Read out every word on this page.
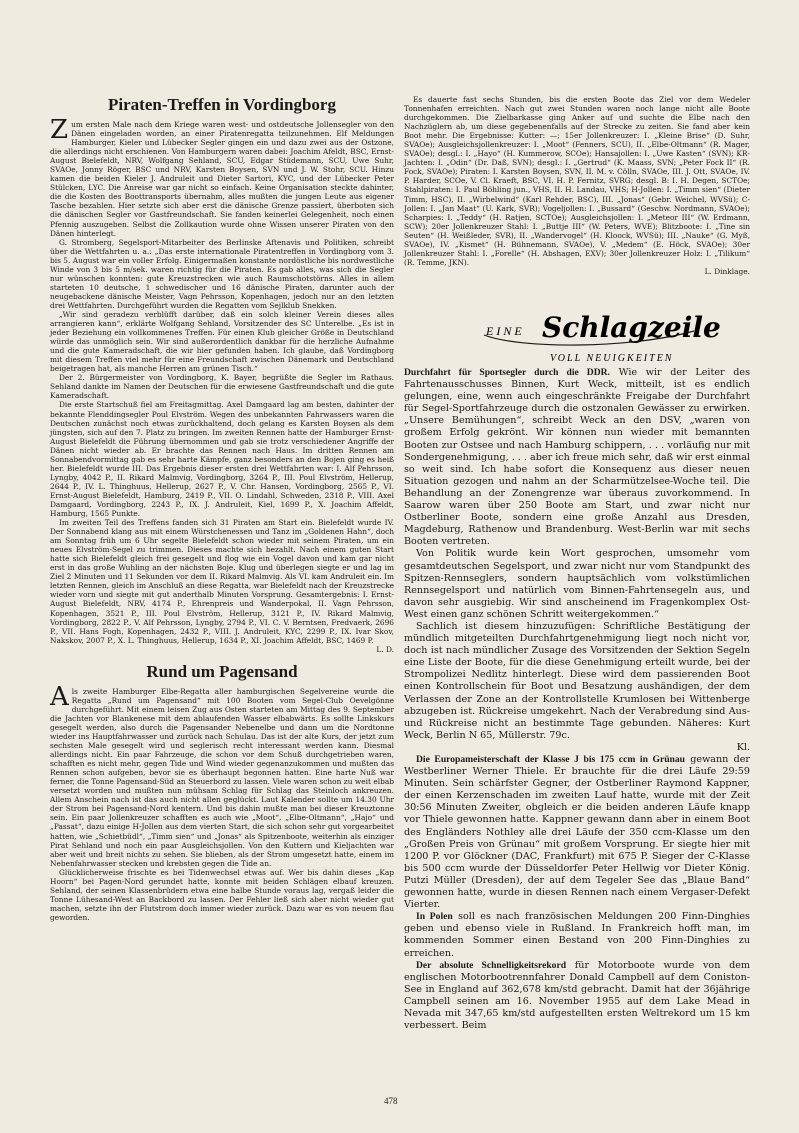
Piraten-Treffen in Vordingborg

Zum ersten Male nach dem Kriege waren west- und ostdeutsche Jollensegler von den Dänen eingeladen worden, an einer Piratenregatta teilzunehmen. Elf Meldungen Hamburger, Kieler und Lübecker Segler gingen ein und dazu zwei aus der Ostzone, die allerdings nicht erschienen. Von Hamburgern waren dabei: Joachim Afeldt, BSC, Ernst-August Bielefeldt, NRV, Wolfgang Sehland, SCU, Edgar Stüdemann, SCU, Uwe Suhr, SVAOe, Jonny Röger, BSC und NRV, Karsten Boysen, SVN und J. W. Stohr, SCU. Hinzu kamen die beiden Kieler J. Andruleit und Dieter Sartori, KYC, und der Lübecker Peter Stülcken, LYC. Die Anreise war gar nicht so einfach. Keine Organisation steckte dahinter, die die Kosten des Boottransports übernahm, alles mußten die jungen Leute aus eigener Tasche bezahlen. Hier setzte sich aber erst die dänische Grenze passiert, überboten sich die dänischen Segler vor Gastfreundschaft. Sie fanden keinerlei Gelegenheit, noch einen Pfennig auszugeben. Selbst die Zollkaution wurde ohne Wissen unserer Piraten von den Dänen hinterlegt.

G. Stromberg, Segelsport-Mitarbeiter des Berlinske Aftenavis und Politiken, schreibt über die Wettfahrten u. a.: „Das erste internationale Piratentreffen in Vordingborg vom 3. bis 5. August war ein voller Erfolg. Einigermaßen konstante nordöstliche bis nordwestliche Winde von 3 bis 5 m/sek. waren richtig für die Piraten. Es gab alles, was sich die Segler nur wünschen konnten: gute Kreuzstrecken wie auch Raumschotstörns. Alles in allem starteten 10 deutsche, 1 schwedischer und 16 dänische Piraten, darunter auch der neugebackene dänische Meister, Vagn Pehrsson, Kopenhagen, jedoch nur an den letzten drei Wettfahrten. Durchgeführt wurden die Regatten vom Sejlklub Snekken.

„Wir sind geradezu verblüfft darüber, daß ein solch kleiner Verein dieses alles arrangieren kann“, erklärte Wolfgang Sehland, Vorsitzender des SC Unterelbe. „Es ist in jeder Beziehung ein vollkommenes Treffen. Für einen Klub gleicher Größe in Deutschland würde das unmöglich sein. Wir sind außerordentlich dankbar für die herzliche Aufnahme und die gute Kameradschaft, die wir hier gefunden haben. Ich glaube, daß Vordingborg mit diesem Treffen viel mehr für eine Freundschaft zwischen Dänemark und Deutschland beigetragen hat, als manche Herren am grünen Tisch.“

Der 2. Bürgermeister von Vordingborg, K. Bayer, begrüßte die Segler im Rathaus. Sehland dankte im Namen der Deutschen für die erwiesene Gastfreundschaft und die gute Kameradschaft.

Die erste Startschuß fiel am Freitagmittag. Axel Damgaard lag am besten, dahinter der bekannte Flenddingsegler Poul Elvström. Wegen des unbekannten Fahrwassers waren die Deutschen zunächst noch etwas zurückhaltend, doch gelang es Karsten Boysen als dem jüngsten, sich auf den 7. Platz zu bringen. Im zweiten Rennen hatte der Hamburger Ernst-August Bielefeldt die Führung übernommen und gab sie trotz verschiedener Angriffe der Dänen nicht wieder ab. Er brachte das Rennen nach Haus. Im dritten Rennen am Sonnabendvormittag gab es sehr harte Kämpfe, ganz besonders an den Bojen ging es heiß her. Bielefeldt wurde III. Das Ergebnis dieser ersten drei Wettfahrten war: I. Alf Pehrsson, Lyngby, 4042 P., II. Rikard Malmvig, Vordingborg, 3264 P., III. Poul Elvström, Hellerup, 2644 P., IV. L. Thinghuus, Hellerup, 2627 P., V. Chr. Hansen, Vordingborg, 2565 P., VI. Ernst-August Bielefeldt, Hamburg, 2419 P., VII. O. Lindahl, Schweden, 2318 P., VIII. Axel Damgaard, Vordingborg, 2243 P., IX. J. Andruleit, Kiel, 1699 P., X. Joachim Affeldt, Hamburg, 1565 Punkte.

Im zweiten Teil des Treffens fanden sich 31 Piraten am Start ein. Bielefeldt wurde IV. Der Sonnabend klang aus mit einem Würstchenessen und Tanz im „Goldenen Hahn“, doch am Sonntag früh um 6 Uhr segelte Bielefeldt schon wieder mit seinem Piraten, um ein neues Elvström-Segel zu trimmen. Dieses machte sich bezahlt. Nach einem guten Start hatte sich Bielefeldt gleich frei gesegelt und flog wie ein Vogel davon und kam gar nicht erst in das große Wuhling an der nächsten Boje. Klug und überlegen siegte er und lag im Ziel 2 Minuten und 11 Sekunden vor dem II. Rikard Malmvig. Als VI. kam Andruleit ein. Im letzten Rennen, gleich im Anschluß an diese Regatta, war Bielefeldt nach der Kreuzstrecke wieder vorn und siegte mit gut anderthalb Minuten Vorsprung. Gesamtergebnis: I. Ernst-August Bielefeldt, NRV, 4174 P., Ehrenpreis und Wanderpokal, II. Vagn Pehrsson, Kopenhagen, 3521 P., III. Poul Elvström, Hellerup, 3121 P., IV. Rikard Malmvig, Vordingborg, 2822 P., V. Alf Pehrsson, Lyngby, 2794 P., VI. C. V. Berntsen, Fredvaerk, 2696 P., VII. Hans Fogh, Kopenhagen, 2432 P., VIII. J. Andruleit, KYC, 2299 P., IX. Ivar Skov, Nakskov, 2007 P., X. L. Thinghuus, Hellerup, 1634 P., XI. Joachim Affeldt, BSC, 1469 P.

L. D.

Rund um Pagensand

Als zweite Hamburger Elbe-Regatta aller hamburgischen Segelvereine wurde die Regatta „Rund um Pagensand“ mit 100 Booten vom Segel-Club Oevelgönne durchgeführt. Mit einem leisen Zug aus Osten starteten am Mittag des 9. September die Jachten vor Blankenese mit dem ablaufenden Wasser elbabwärts. Es sollte Linkskurs gesegelt werden, also durch die Pagensander Nebenelbe und dann um die Nordtonne wieder ins Hauptfahrwasser und zurück nach Schulau. Das ist der alte Kurs, der jetzt zum sechsten Male gesegelt wird und seglerisch recht interessant werden kann. Diesmal allerdings nicht. Ein paar Fahrzeuge, die schon vor dem Schuß durchgetrieben waren, schafften es nicht mehr, gegen Tide und Wind wieder gegenanzukommen und mußten das Rennen schon aufgeben, bevor sie es überhaupt begonnen hatten. Eine harte Nuß war ferner, die Tonne Pagensand-Süd an Steuerbord zu lassen. Viele waren schon zu weit elbab versetzt worden und mußten nun mühsam Schlag für Schlag das Steinloch ankreuzen. Allem Anschein nach ist das auch nicht allen geglückt. Laut Kalender sollte um 14.30 Uhr der Strom bei Pagensand-Nord kentern. Und bis dahin mußte man bei dieser Kreuztonne sein. Ein paar Jollenkreuzer schafften es auch wie „Moot“, „Elbe-Oltmann“, „Hajo“ und „Passat“, dazu einige H-Jollen aus dem vierten Start, die sich schon sehr gut vorgearbeitet hatten, wie „Schietbüdl“, „Timm sien“ und „Jonas“ als Spitzenboote, weiterhin als einziger Pirat Sehland und noch ein paar Ausgleichsjollen. Von den Kuttern und Kieljachten war aber weit und breit nichts zu sehen. Sie blieben, als der Strom umgesetzt hatte, einem im Nebenfahrwasser stecken und krebsten gegen die Tide an.

Glücklicherweise frischte es bei Tidenwechsel etwas auf. Wer bis dahin dieses „Kap Hoorn“ bei Pagen-Nord gerundet hatte, konnte mit beiden Schlägen elbauf kreuzen. Sehland, der seinen Klassenbrüdern etwa eine halbe Stunde voraus lag, vergaß leider die Tonne Lühesand-West an Backbord zu lassen. Der Fehler ließ sich aber nicht wieder gut machen, setzte ihn der Flutstrom doch immer wieder zurück. Dazu war es von neuem flau geworden.

Es dauerte fast sechs Stunden, bis die ersten Boote das Ziel vor dem Wedeler Tonnenhafen erreichten. Nach gut zwei Stunden waren noch lange nicht alle Boote durchgekommen. Die Zielbarkasse ging Anker auf und suchte die Elbe nach den Nachzüglern ab, um diese gegebenenfalls auf der Strecke zu zeiten. Sie fand aber kein Boot mehr. Die Ergebnisse: Kutter: —; 15er Jollenkreuzer: I. „Kleine Brise“ (D. Suhr, SVAOe); Ausgleichsjollenkreuzer: I. „Moot“ (Fenners, SCU), II. „Elbe-Oltmann“ (R. Mager, SVAOe); desgl.: I. „Hayo“ (H. Kummerow, SCOe); Hansajollen: I. „Uwe Kasten“ (SVN); KR-Jachten: I. „Odin“ (Dr. Daß, SVN); desgl.: I. „Gertrud“ (K. Maass, SVN; „Peter Fock II“ (R. Fock, SVAOe); Piraten: I. Karsten Boysen, SVN, II. M. v. Cölln, SVAOe, III. J. Ott, SVAOe, IV. P. Harder, SCOe, V. Cl. Kraeft, BSC, VI. H. P. Fernitz, SVRG; desgl. B: I. H. Degen, SCTOe; Stahlpiraten: I. Paul Böhling jun., VHS, II. H. Landau, VHS; H-Jollen: I. „Timm sien“ (Dieter Timm, HSC), II. „Wirbelwind“ (Karl Rehder, BSC), III. „Jonas“ (Gebr. Weichel, WVSü); C-Jollen: I. „Jan Maat“ (U. Kark, SVR); Vogeljollen: I. „Bussard“ (Geschw. Nordmann, SVAOe); Scharpies: I. „Teddy“ (H. Ratjen, SCTOe); Ausgleichsjollen: I. „Meteor III“ (W. Erdmann, SCW); 20er Jollenkreuzer Stahl: I. „Buttje III“ (W. Peters, WVE); Blitzboote: I. „Tine sin Seuten“ (H. Weißleder, SVR), II. „Wandervogel“ (H. Kloock, WVSü); III. „Nauke“ (G. Myß, SVAOe), IV. „Kismet“ (H. Bühnemann, SVAOe), V. „Medem“ (E. Höck, SVAOe); 30er Jollenkreuzer Stahl: I. „Forelle“ (H. Abshagen, EXV); 30er Jollenkreuzer Holz: I. „Tilikum“ (R. Temme, JKN).

L. Dinklage.

EINE Schlagzeile
VOLL NEUIGKEITEN

Durchfahrt für Sportsegler durch die DDR. Wie wir der Leiter des Fahrtenausschusses Binnen, Kurt Weck, mitteilt, ist es endlich gelungen, eine, wenn auch eingeschränkte Freigabe der Durchfahrt für Segel-Sportfahrzeuge durch die ostzonalen Gewässer zu erwirken. „Unsere Bemühungen“, schreibt Weck an den DSV, „waren von großem Erfolg gekrönt. Wir können nun wieder mit bemannten Booten zur Ostsee und nach Hamburg schippern, . . . vorläufig nur mit Sondergenehmigung, . . . aber ich freue mich sehr, daß wir erst einmal so weit sind. Ich habe sofort die Konsequenz aus dieser neuen Situation gezogen und nahm an der Scharmützelsee-Woche teil. Die Behandlung an der Zonengrenze war überaus zuvorkommend. In Saarow waren über 250 Boote am Start, und zwar nicht nur Ostberliner Boote, sondern eine große Anzahl aus Dresden, Magdeburg, Rathenow und Brandenburg. West-Berlin war mit sechs Booten vertreten.

Von Politik wurde kein Wort gesprochen, umsomehr vom gesamtdeutschen Segelsport, und zwar nicht nur vom Standpunkt des Spitzen-Rennseglers, sondern hauptsächlich vom volkstümlichen Rennsegelsport und natürlich vom Binnen-Fahrtensegeln aus, und davon sehr ausgiebig. Wir sind anscheinend im Fragenkomplex Ost-West einen ganz schönen Schritt weitergekommen.“

Sachlich ist diesem hinzuzufügen: Schriftliche Bestätigung der mündlich mitgeteilten Durchfahrtgenehmigung liegt noch nicht vor, doch ist nach mündlicher Zusage des Vorsitzenden der Sektion Segeln eine Liste der Boote, für die diese Genehmigung erteilt wurde, bei der Strompolizei Nedlitz hinterlegt. Diese wird dem passierenden Boot einen Kontrollschein für Boot und Besatzung aushändigen, der dem Verlassen der Zone an der Kontrollstelle Krumlosen bei Wittenberge abzugeben ist. Rückreise umgekehrt. Nach der Verabredung sind Aus- und Rückreise nicht an bestimmte Tage gebunden. Näheres: Kurt Weck, Berlin N 65, Müllerstr. 79c.

Kl.

Die Europameisterschaft der Klasse J bis 175 ccm in Grünau gewann der Westberliner Werner Thiele. Er brauchte für die drei Läufe 29:59 Minuten. Sein schärfster Gegner, der Ostberliner Raymond Kappner, der einen Kerzenschaden im zweiten Lauf hatte, wurde mit der Zeit 30:56 Minuten Zweiter, obgleich er die beiden anderen Läufe knapp vor Thiele gewonnen hatte. Kappner gewann dann aber in einem Boot des Engländers Nothley alle drei Läufe der 350 ccm-Klasse um den „Großen Preis von Grünau“ mit großem Vorsprung. Er siegte hier mit 1200 P. vor Glöckner (DAC, Frankfurt) mit 675 P. Sieger der C-Klasse bis 500 ccm wurde der Düsseldorfer Peter Hellwig vor Dieter König. Putzi Müller (Dresden), der auf dem Tegeler See das „Blaue Band“ gewonnen hatte, wurde in diesen Rennen nach einem Vergaser-Defekt Vierter.

In Polen soll es nach französischen Meldungen 200 Finn-Dinghies geben und ebenso viele in Rußland. In Frankreich hofft man, im kommenden Sommer einen Bestand von 200 Finn-Dinghies zu erreichen.

Der absolute Schnelligkeitsrekord für Motorboote wurde von dem englischen Motorbootrennfahrer Donald Campbell auf dem Coniston-See in England auf 362,678 km/std gebracht. Damit hat der 36jährige Campbell seinen am 16. November 1955 auf dem Lake Mead in Nevada mit 347,65 km/std aufgestellten ersten Weltrekord um 15 km verbessert. Beim

478
